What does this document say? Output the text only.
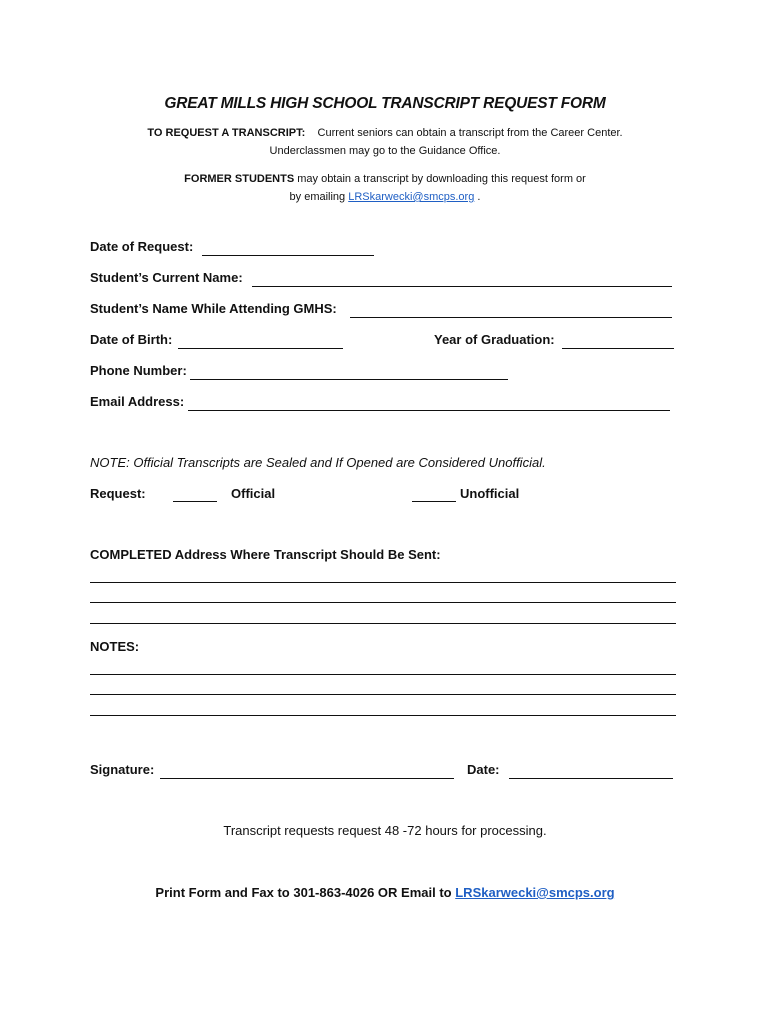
GREAT MILLS HIGH SCHOOL TRANSCRIPT REQUEST FORM
TO REQUEST A TRANSCRIPT: Current seniors can obtain a transcript from the Career Center.
Underclassmen may go to the Guidance Office.
FORMER STUDENTS may obtain a transcript by downloading this request form or
by emailing LRSkarwecki@smcps.org .
Date of Request:
Student’s Current Name:
Student’s Name While Attending GMHS:
Date of Birth:	Year of Graduation:
Phone Number:
Email Address:
NOTE: Official Transcripts are Sealed and If Opened are Considered Unofficial.
Request:	Official	Unofficial
COMPLETED Address Where Transcript Should Be Sent:
NOTES:
Signature:	Date:
Transcript requests request 48 -72 hours for processing.
Print Form and Fax to 301-863-4026 OR Email to LRSkarwecki@smcps.org
